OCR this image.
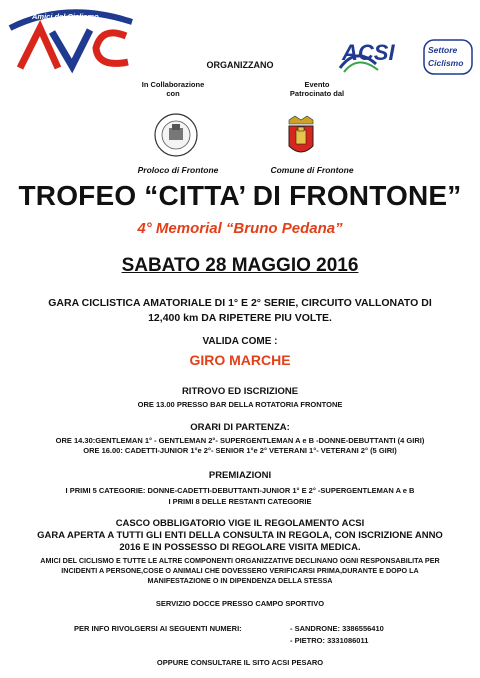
Amici del Ciclismo
ACSI	Settore
Ciclismo
ORGANIZZANO
In Collaborazione
con
Evento
Patrocinato dal
Proloco di Frontone	Comune di Frontone
TROFEO “CITTA’ DI FRONTONE”
4° Memorial “Bruno Pedana”
SABATO 28 MAGGIO 2016
GARA CICLISTICA AMATORIALE DI 1° E 2° SERIE, CIRCUITO VALLONATO DI
12,400 km DA RIPETERE PIU VOLTE.
VALIDA COME :
GIRO MARCHE
RITROVO ED ISCRIZIONE
ORE 13.00 PRESSO BAR DELLA ROTATORIA FRONTONE
ORARI DI PARTENZA:
ORE 14.30:GENTLEMAN 1° - GENTLEMAN 2°- SUPERGENTLEMAN A e B -DONNE-DEBUTTANTI (4 GIRI)
ORE 16.00: CADETTI-JUNIOR 1°e 2°- SENIOR 1°e 2° VETERANI 1°- VETERANI 2° (5 GIRI)
PREMIAZIONI
I PRIMI 5 CATEGORIE: DONNE-CADETTI-DEBUTTANTI-JUNIOR 1° E 2° -SUPERGENTLEMAN A e B
I PRIMI 8 DELLE RESTANTI CATEGORIE
CASCO OBBLIGATORIO VIGE IL REGOLAMENTO ACSI
GARA APERTA A TUTTI GLI ENTI DELLA CONSULTA IN REGOLA, CON ISCRIZIONE ANNO
2016 E IN POSSESSO DI REGOLARE VISITA MEDICA.
AMICI DEL CICLISMO E TUTTE LE ALTRE COMPONENTI ORGANIZZATIVE DECLINANO OGNI RESPONSABILITA PER
INCIDENTI A PERSONE,COSE O ANIMALI CHE DOVESSERO VERIFICARSI PRIMA,DURANTE E DOPO LA
MANIFESTAZIONE O IN DIPENDENZA DELLA STESSA
SERVIZIO DOCCE PRESSO CAMPO SPORTIVO
PER INFO RIVOLGERSI AI SEGUENTI NUMERI:	- SANDRONE: 3386556410
- PIETRO: 3331086011
OPPURE CONSULTARE IL SITO ACSI PESARO
